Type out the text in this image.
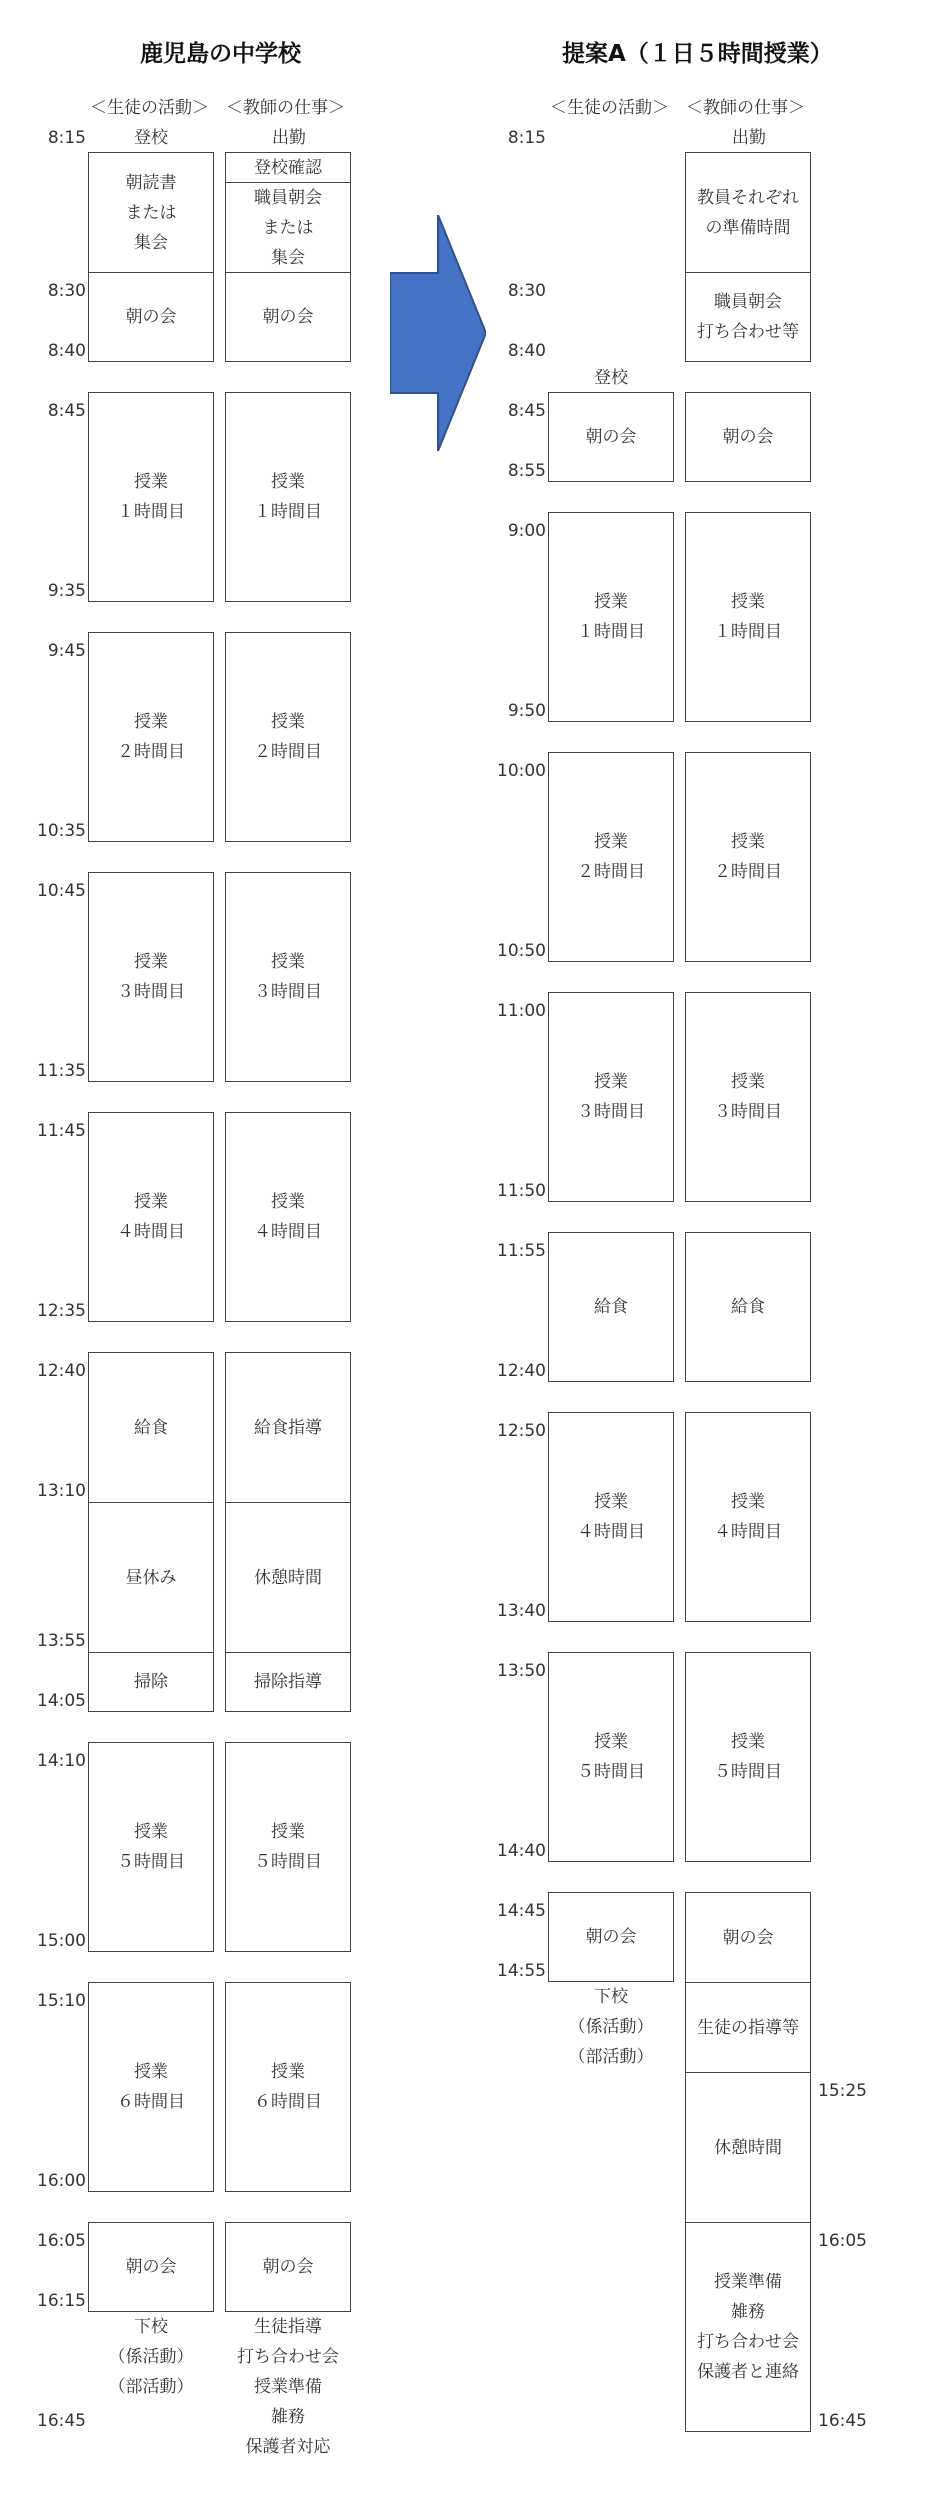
鹿児島の中学校	提案A（１日５時間授業）
＜生徒の活動＞ ＜教師の仕事＞
登校	出勤
＜生徒の活動＞ ＜教師の仕事＞
出勤
登校
8:15
8:30
8:40
8:45
9:35
9:45
10:35
10:45
11:35
11:45
12:35
12:40
13:10
13:55
14:05
14:10
15:00
15:10
16:00
16:05
16:15
16:45
朝読書
または
集会
朝の会
授業
１時間目
授業
２時間目
授業
３時間目
授業
４時間目
給食
昼休み
掃除
授業
５時間目
授業
６時間目
朝の会
下校
（係活動）
（部活動）
登校確認
職員朝会
または
集会
朝の会
授業
１時間目
授業
２時間目
授業
３時間目
授業
４時間目
給食指導
休憩時間
掃除指導
授業
５時間目
授業
６時間目
朝の会
生徒指導
打ち合わせ会
授業準備
雑務
保護者対応
8:15
8:30
8:40
8:45
8:55
9:00
9:50
10:00
10:50
11:00
11:50
11:55
12:40
12:50
13:40
13:50
14:40
14:45
14:55
15:25
16:05
16:45
朝の会
授業
１時間目
授業
２時間目
授業
３時間目
給食
授業
４時間目
授業
５時間目
朝の会
下校
（係活動）
（部活動）
教員それぞれ
の準備時間
職員朝会
打ち合わせ等
朝の会
授業
１時間目
授業
２時間目
授業
３時間目
給食
授業
４時間目
授業
５時間目
朝の会
生徒の指導等
休憩時間
授業準備
雑務
打ち合わせ会
保護者と連絡
